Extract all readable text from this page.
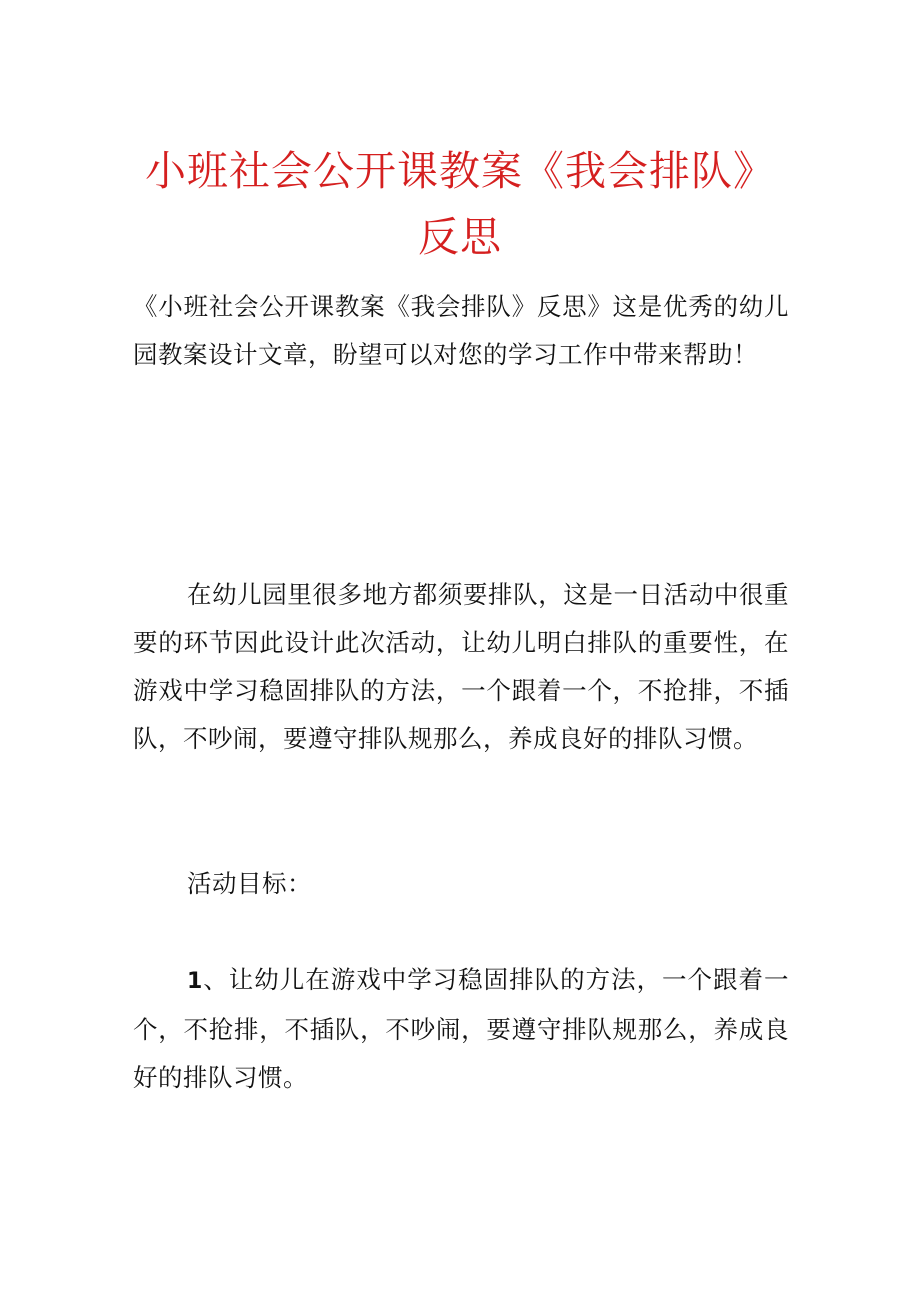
小班社会公开课教案《我会排队》反思
《小班社会公开课教案《我会排队》反思》这是优秀的幼儿园教案设计文章，盼望可以对您的学习工作中带来帮助！
在幼儿园里很多地方都须要排队，这是一日活动中很重要的环节因此设计此次活动，让幼儿明白排队的重要性，在游戏中学习稳固排队的方法，一个跟着一个，不抢排，不插队，不吵闹，要遵守排队规那么，养成良好的排队习惯。
活动目标：
1、让幼儿在游戏中学习稳固排队的方法，一个跟着一个，不抢排，不插队，不吵闹，要遵守排队规那么，养成良好的排队习惯。
